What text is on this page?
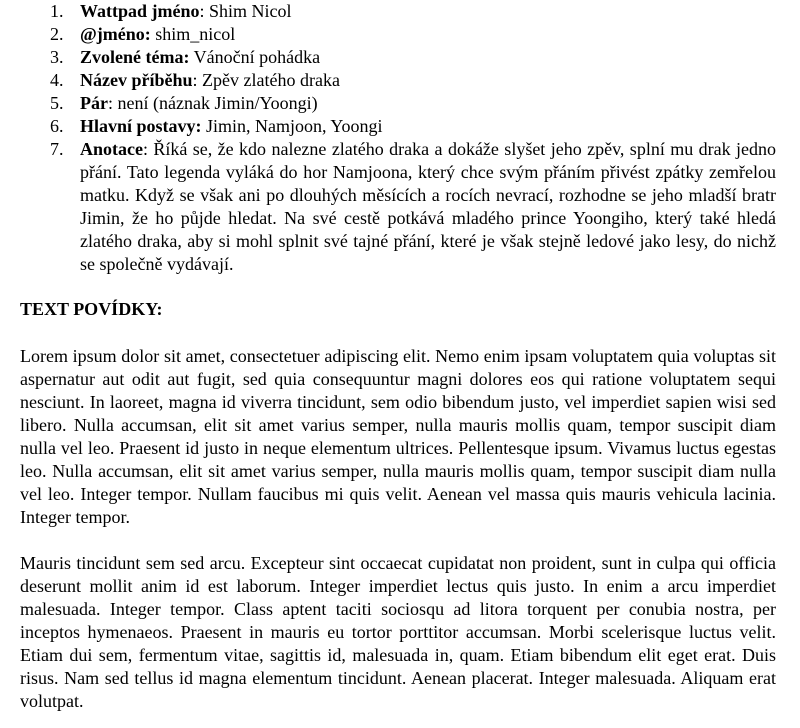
1. Wattpad jméno: Shim Nicol
2. @jméno: shim_nicol
3. Zvolené téma: Vánoční pohádka
4. Název příběhu: Zpěv zlatého draka
5. Pár: není (náznak Jimin/Yoongi)
6. Hlavní postavy: Jimin, Namjoon, Yoongi
7. Anotace: Říká se, že kdo nalezne zlatého draka a dokáže slyšet jeho zpěv, splní mu drak jedno přání. Tato legenda vyláká do hor Namjoona, který chce svým přáním přivést zpátky zemřelou matku. Když se však ani po dlouhých měsících a rocích nevrací, rozhodne se jeho mladší bratr Jimin, že ho půjde hledat. Na své cestě potkává mladého prince Yoongiho, který také hledá zlatého draka, aby si mohl splnit své tajné přání, které je však stejně ledové jako lesy, do nichž se společně vydávají.

TEXT POVÍDKY:

Lorem ipsum dolor sit amet, consectetuer adipiscing elit. Nemo enim ipsam voluptatem quia voluptas sit aspernatur aut odit aut fugit, sed quia consequuntur magni dolores eos qui ratione voluptatem sequi nesciunt. In laoreet, magna id viverra tincidunt, sem odio bibendum justo, vel imperdiet sapien wisi sed libero. Nulla accumsan, elit sit amet varius semper, nulla mauris mollis quam, tempor suscipit diam nulla vel leo. Praesent id justo in neque elementum ultrices. Pellentesque ipsum. Vivamus luctus egestas leo. Nulla accumsan, elit sit amet varius semper, nulla mauris mollis quam, tempor suscipit diam nulla vel leo. Integer tempor. Nullam faucibus mi quis velit. Aenean vel massa quis mauris vehicula lacinia. Integer tempor.

Mauris tincidunt sem sed arcu. Excepteur sint occaecat cupidatat non proident, sunt in culpa qui officia deserunt mollit anim id est laborum. Integer imperdiet lectus quis justo. In enim a arcu imperdiet malesuada. Integer tempor. Class aptent taciti sociosqu ad litora torquent per conubia nostra, per inceptos hymenaeos. Praesent in mauris eu tortor porttitor accumsan. Morbi scelerisque luctus velit. Etiam dui sem, fermentum vitae, sagittis id, malesuada in, quam. Etiam bibendum elit eget erat. Duis risus. Nam sed tellus id magna elementum tincidunt. Aenean placerat. Integer malesuada. Aliquam erat volutpat.
